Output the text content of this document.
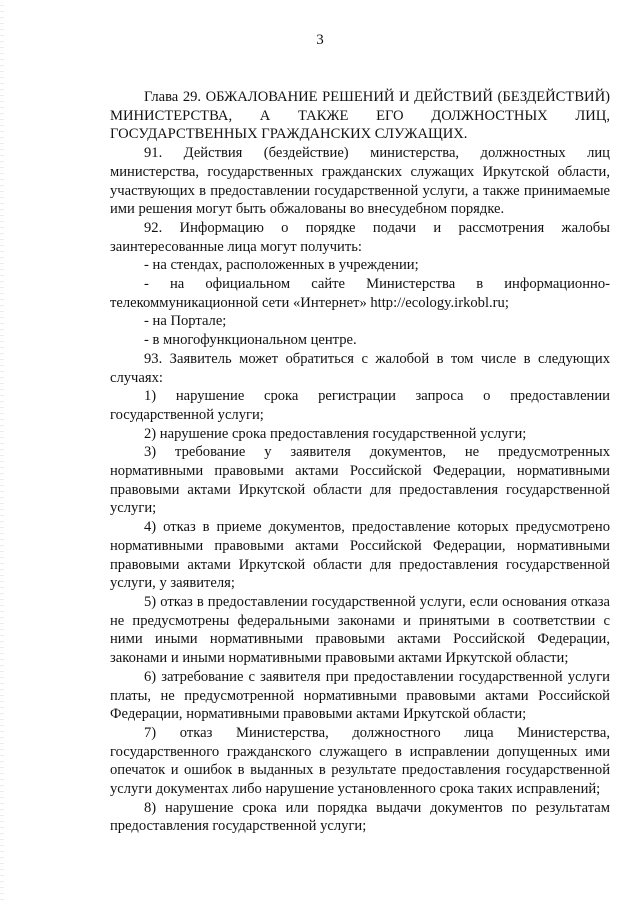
3

Глава 29. ОБЖАЛОВАНИЕ РЕШЕНИЙ И ДЕЙСТВИЙ (БЕЗДЕЙСТВИЙ) МИНИСТЕРСТВА, А ТАКЖЕ ЕГО ДОЛЖНОСТНЫХ ЛИЦ, ГОСУДАРСТВЕННЫХ ГРАЖДАНСКИХ СЛУЖАЩИХ.

91. Действия (бездействие) министерства, должностных лиц министерства, государственных гражданских служащих Иркутской области, участвующих в предоставлении государственной услуги, а также принимаемые ими решения могут быть обжалованы во внесудебном порядке.

92. Информацию о порядке подачи и рассмотрения жалобы заинтересованные лица могут получить:

- на стендах, расположенных в учреждении;

- на официальном сайте Министерства в информационно-телекоммуникационной сети «Интернет» http://ecology.irkobl.ru;

- на Портале;

- в многофункциональном центре.

93. Заявитель может обратиться с жалобой в том числе в следующих случаях:

1) нарушение срока регистрации запроса о предоставлении государственной услуги;

2) нарушение срока предоставления государственной услуги;

3) требование у заявителя документов, не предусмотренных нормативными правовыми актами Российской Федерации, нормативными правовыми актами Иркутской области для предоставления государственной услуги;

4) отказ в приеме документов, предоставление которых предусмотрено нормативными правовыми актами Российской Федерации, нормативными правовыми актами Иркутской области для предоставления государственной услуги, у заявителя;

5) отказ в предоставлении государственной услуги, если основания отказа не предусмотрены федеральными законами и принятыми в соответствии с ними иными нормативными правовыми актами Российской Федерации, законами и иными нормативными правовыми актами Иркутской области;

6) затребование с заявителя при предоставлении государственной услуги платы, не предусмотренной нормативными правовыми актами Российской Федерации, нормативными правовыми актами Иркутской области;

7) отказ Министерства, должностного лица Министерства, государственного гражданского служащего в исправлении допущенных ими опечаток и ошибок в выданных в результате предоставления государственной услуги документах либо нарушение установленного срока таких исправлений;

8) нарушение срока или порядка выдачи документов по результатам предоставления государственной услуги;
